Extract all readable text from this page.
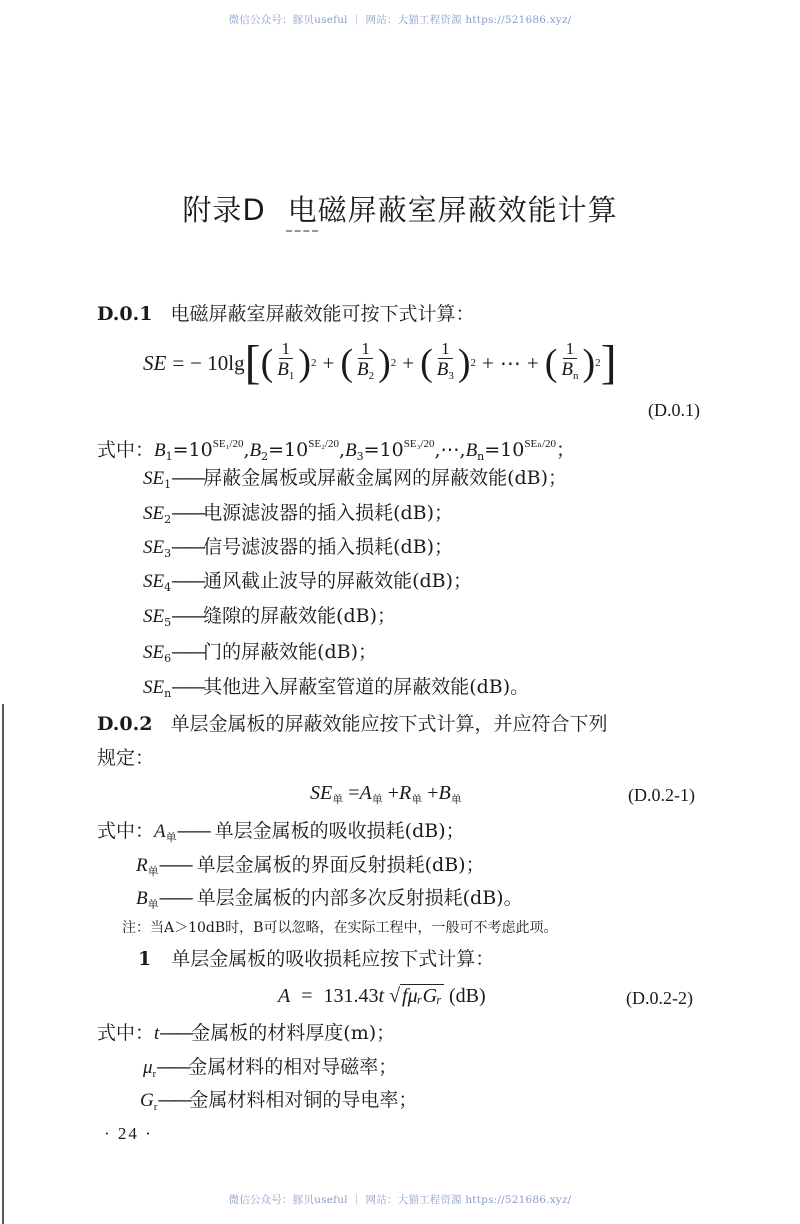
微信公众号：豚贝useful ｜ 网站：大猫工程资源 https://521686.xyz/
微信公众号：豚贝useful ｜ 网站：大猫工程资源 https://521686.xyz/
附录D 电磁屏蔽室屏蔽效能计算
D.0.1 电磁屏蔽室屏蔽效能可按下式计算：
SE = − 10lg [ ( $\frac{1}{B_1}$ ) 2 + ( $\frac{1}{B_2}$ ) 2 + ( $\frac{1}{B_3}$ ) 2 + ⋯ + ( $\frac{1}{B_n}$ ) 2 ]
(D.0.1)
式中：$B_1=10^{SE_1/20},B_2=10^{SE_2/20},B_3=10^{SE_3/20},\cdots,B_n=10^{SE_n/20}$；
$SE_1——$屏蔽金属板或屏蔽金属网的屏蔽效能(dB)；
$SE_2——$电源滤波器的插入损耗(dB)；
$SE_3——$信号滤波器的插入损耗(dB)；
$SE_4——$通风截止波导的屏蔽效能(dB)；
$SE_5——$缝隙的屏蔽效能(dB)；
$SE_6——$门的屏蔽效能(dB)；
$SE_n——$其他进入屏蔽室管道的屏蔽效能(dB)。
D.0.2 单层金属板的屏蔽效能应按下式计算，并应符合下列
规定：
$SE_单 =A_单 +R_单 +B_单$	(D.0.2-1)
式中：$A_单——$ 单层金属板的吸收损耗(dB)；
$R_单——$ 单层金属板的界面反射损耗(dB)；
$B_单——$ 单层金属板的内部多次反射损耗(dB)。
注：当A＞10dB时，B可以忽略，在实际工程中，一般可不考虑此项。
1 单层金属板的吸收损耗应按下式计算：
A = 131.43t √ fμᵣGᵣ (dB)	(D.0.2-2)
式中：t——金属板的材料厚度(m)；
$\mu_r——$金属材料的相对导磁率；
$G_r——$金属材料相对铜的导电率；
· 24 ·
